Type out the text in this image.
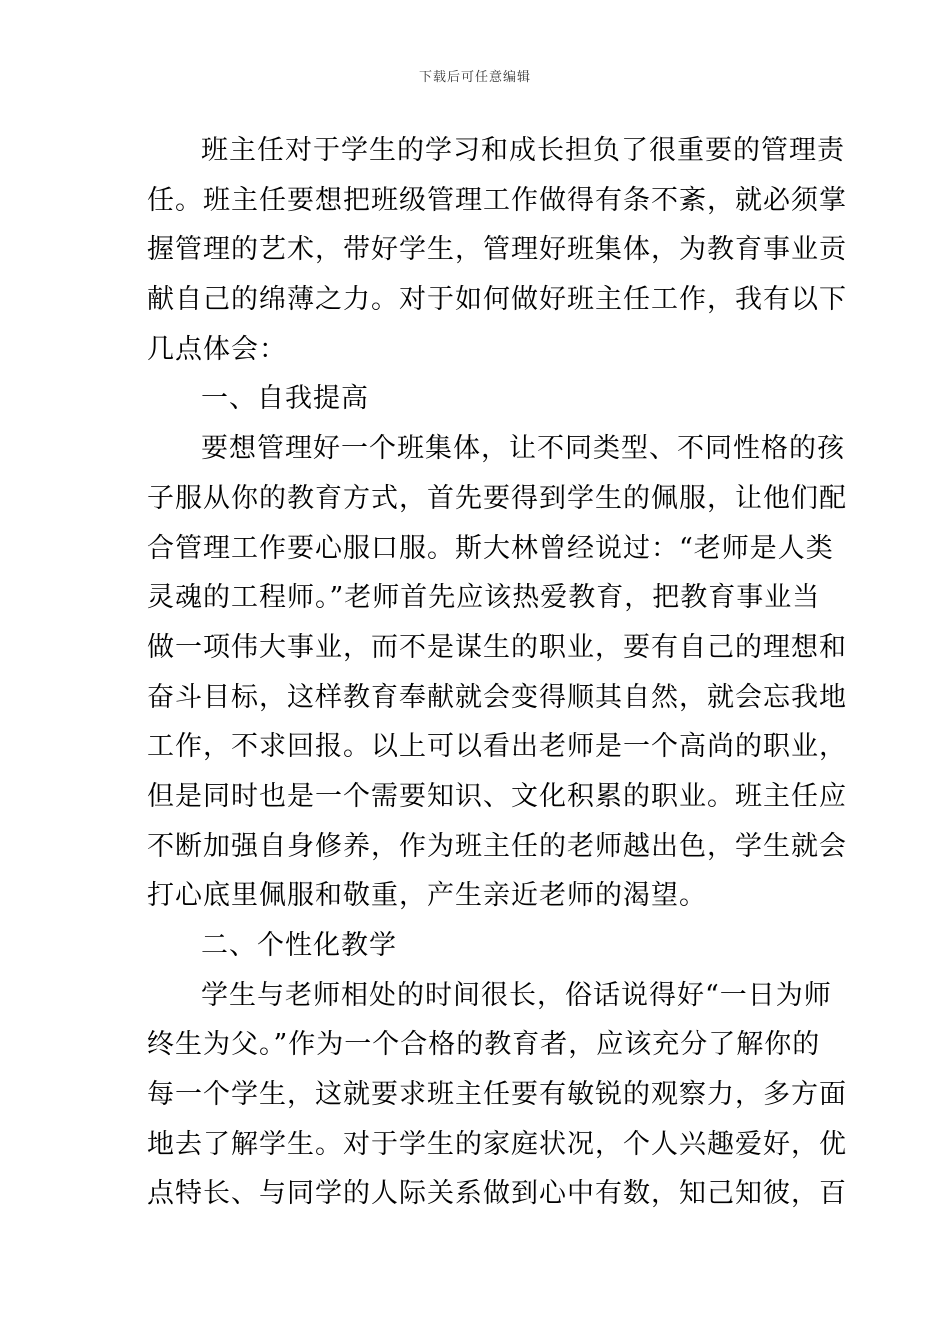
下载后可任意编辑
班主任对于学生的学习和成长担负了很重要的管理责
任。班主任要想把班级管理工作做得有条不紊，就必须掌
握管理的艺术，带好学生，管理好班集体，为教育事业贡
献自己的绵薄之力。对于如何做好班主任工作，我有以下
几点体会：
一、自我提高
要想管理好一个班集体，让不同类型、不同性格的孩
子服从你的教育方式，首先要得到学生的佩服，让他们配
合管理工作要心服口服。斯大林曾经说过：“老师是人类
灵魂的工程师。”老师首先应该热爱教育，把教育事业当
做一项伟大事业，而不是谋生的职业，要有自己的理想和
奋斗目标，这样教育奉献就会变得顺其自然，就会忘我地
工作，不求回报。以上可以看出老师是一个高尚的职业，
但是同时也是一个需要知识、文化积累的职业。班主任应
不断加强自身修养，作为班主任的老师越出色，学生就会
打心底里佩服和敬重，产生亲近老师的渴望。
二、个性化教学
学生与老师相处的时间很长，俗话说得好“一日为师
终生为父。”作为一个合格的教育者，应该充分了解你的
每一个学生，这就要求班主任要有敏锐的观察力，多方面
地去了解学生。对于学生的家庭状况，个人兴趣爱好，优
点特长、与同学的人际关系做到心中有数，知己知彼，百
